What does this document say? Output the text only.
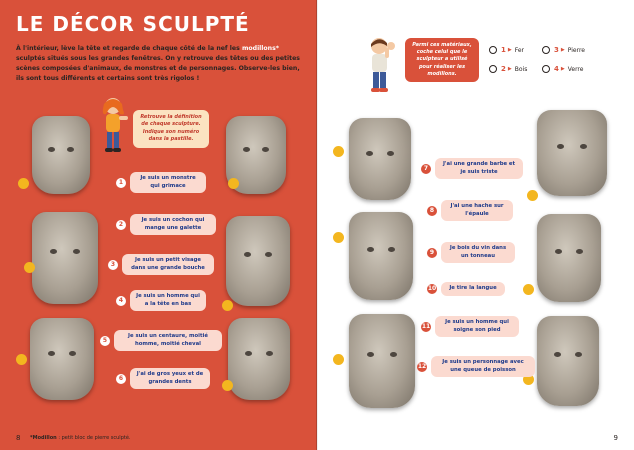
LE DÉCOR SCULPTÉ
À l'intérieur, lève la tête et regarde de chaque côté de la nef les modillons* sculptés situés sous les grandes fenêtres. On y retrouve des têtes ou des petites scènes composées d'animaux, de monstres et de personnages. Observe-les bien, ils sont tous différents et certains sont très rigolos !
Retrouve la définition de chaque sculpture. Indique son numéro dans la pastille.
1
Je suis un monstre qui grimace
2
Je suis un cochon qui mange une galette
3
Je suis un petit visage dans une grande bouche
4
Je suis un homme qui a la tête en bas
5
Je suis un centaure, moitié homme, moitié cheval
6
J'ai de gros yeux et de grandes dents
*Modillon : petit bloc de pierre sculpté.
8
Parmi ces matériaux, coche celui que le sculpteur a utilisé pour réaliser les modillons.
1 ▶ Fer
2 ▶ Bois
3 ▶ Pierre
4 ▶ Verre
7
J'ai une grande barbe et je suis triste
8
J'ai une hache sur l'épaule
9
Je bois du vin dans un tonneau
10	Je tire la langue
11
Je suis un homme qui soigne son pied
12
Je suis un personnage avec une queue de poisson
9
